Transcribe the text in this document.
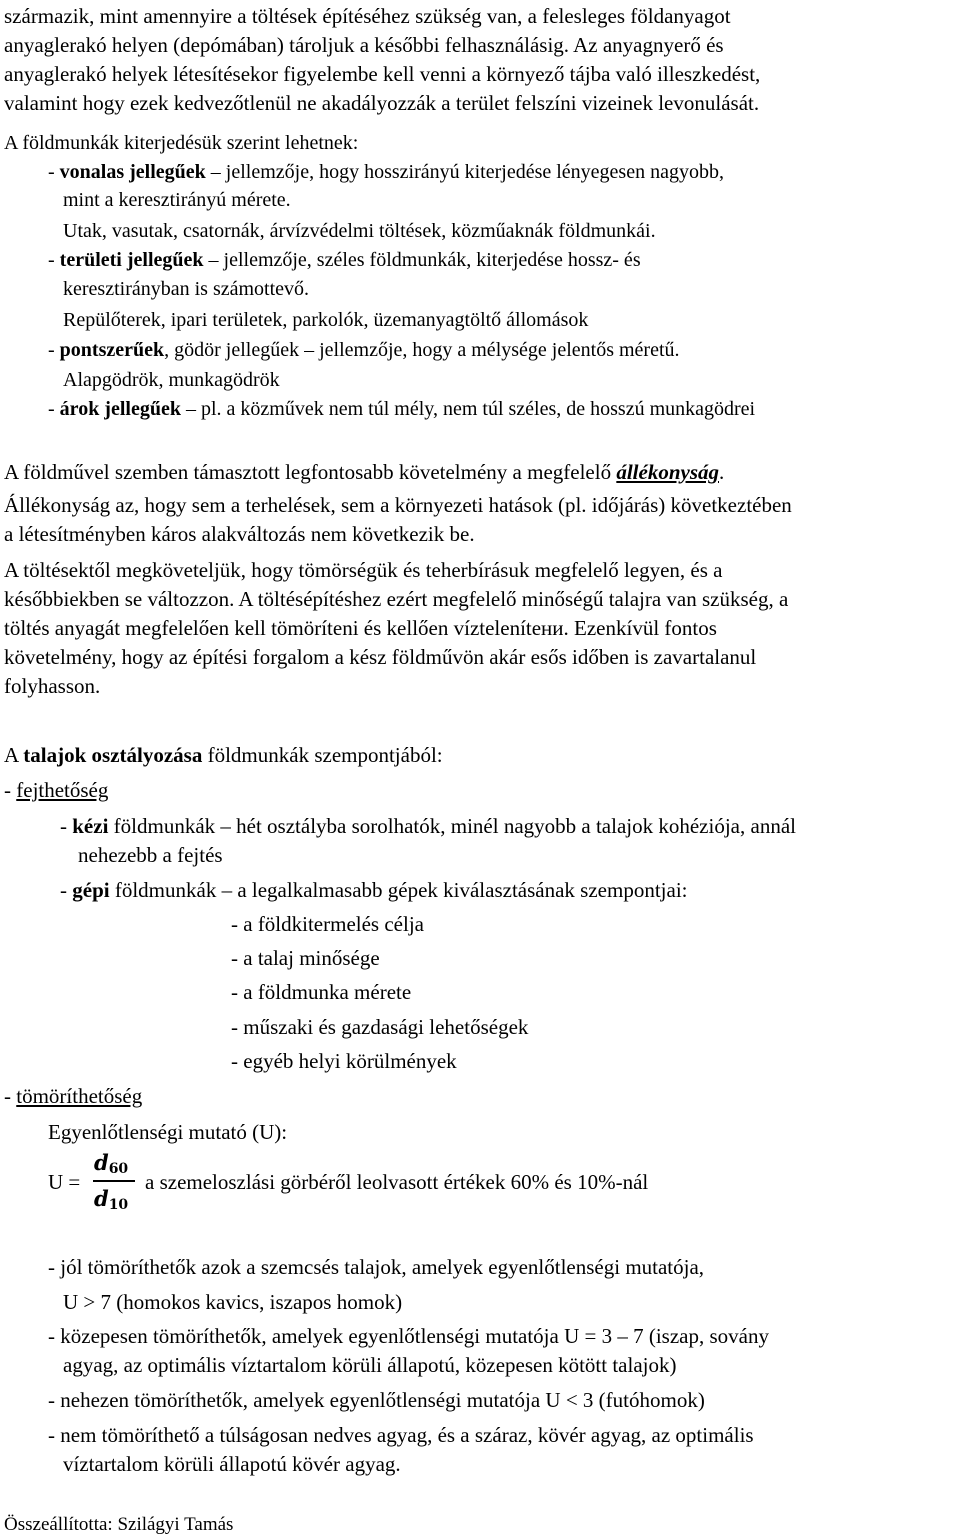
származik, mint amennyire a töltések építéséhez szükség van, a felesleges földanyagot
anyaglerakó helyen (depómában) tároljuk a későbbi felhasználásig. Az anyagnyerő és
anyaglerakó helyek létesítésekor figyelembe kell venni a környező tájba való illeszkedést,
valamint hogy ezek kedvezőtlenül ne akadályozzák a terület felszíni vizeinek levonulását.
A földmunkák kiterjedésük szerint lehetnek:
- vonalas jellegűek – jellemzője, hogy hosszirányú kiterjedése lényegesen nagyobb,
mint a keresztirányú mérete.
Utak, vasutak, csatornák, árvízvédelmi töltések, közműaknák földmunkái.
- területi jellegűek – jellemzője, széles földmunkák, kiterjedése hossz- és
keresztirányban is számottevő.
Repülőterek, ipari területek, parkolók, üzemanyagtöltő állomások
- pontszerűek, gödör jellegűek – jellemzője, hogy a mélysége jelentős méretű.
Alapgödrök, munkagödrök
- árok jellegűek – pl. a közművek nem túl mély, nem túl széles, de hosszú munkagödrei
A földművel szemben támasztott legfontosabb követelmény a megfelelő állékonyság.
Állékonyság az, hogy sem a terhelések, sem a környezeti hatások (pl. időjárás) következtében
a létesítményben káros alakváltozás nem következik be.
A töltésektől megköveteljük, hogy tömörségük és teherbírásuk megfelelő legyen, és a
későbbiekben se változzon. A töltésépítéshez ezért megfelelő minőségű talajra van szükség, a
töltés anyagát megfelelően kell tömöríteni és kellően víztelenítени. Ezenkívül fontos
követelmény, hogy az építési forgalom a kész földművön akár esős időben is zavartalanul
folyhasson.
A talajok osztályozása földmunkák szempontjából:
- fejthetőség
- kézi földmunkák – hét osztályba sorolhatók, minél nagyobb a talajok kohéziója, annál
nehezebb a fejtés
- gépi földmunkák – a legalkalmasabb gépek kiválasztásának szempontjai:
- a földkitermelés célja
- a talaj minősége
- a földmunka mérete
- műszaki és gazdasági lehetőségek
- egyéb helyi körülmények
- tömöríthetőség
Egyenlőtlenségi mutató (U):
U =
$d_{60}$
$d_{10}$
a szemeloszlási görbéről leolvasott értékek 60% és 10%-nál
- jól tömöríthetők azok a szemcsés talajok, amelyek egyenlőtlenségi mutatója,
U > 7 (homokos kavics, iszapos homok)
- közepesen tömöríthetők, amelyek egyenlőtlenségi mutatója U = 3 – 7 (iszap, sovány
agyag, az optimális víztartalom körüli állapotú, közepesen kötött talajok)
- nehezen tömöríthetők, amelyek egyenlőtlenségi mutatója U < 3 (futóhomok)
- nem tömöríthető a túlságosan nedves agyag, és a száraz, kövér agyag, az optimális
víztartalom körüli állapotú kövér agyag.
Összeállította: Szilágyi Tamás
